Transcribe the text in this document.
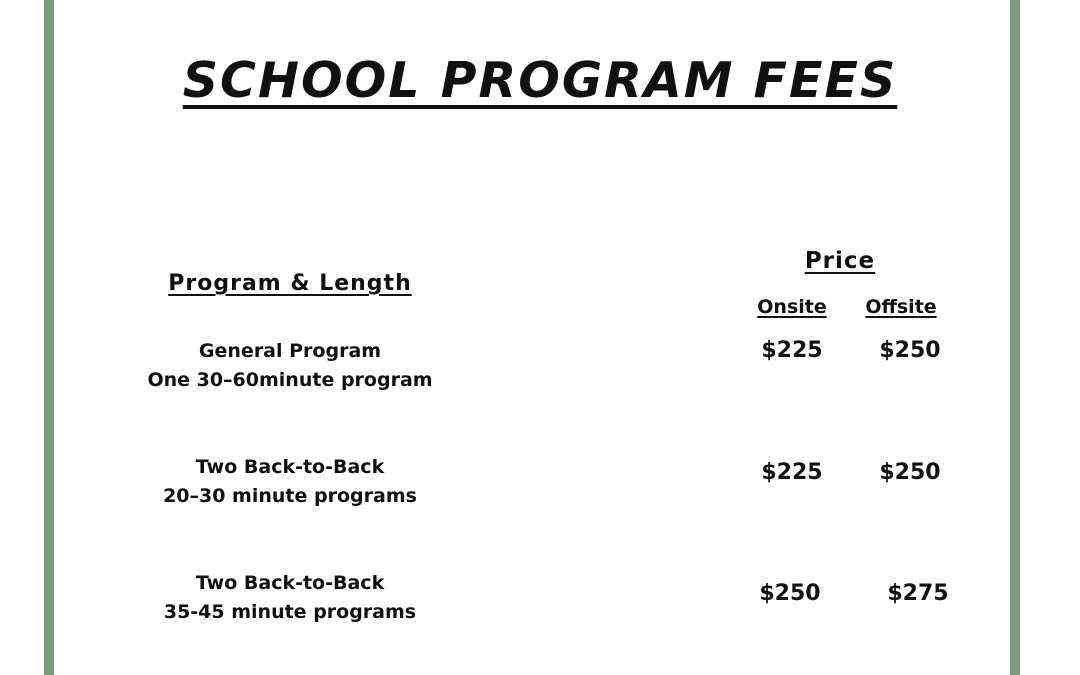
SCHOOL PROGRAM FEES
Program & Length
Price
Onsite	Offsite
General Program
One 30–60minute program
$225	$250
Two Back-to-Back
20–30 minute programs
$225	$250
Two Back-to-Back
35-45 minute programs
$250	$275
